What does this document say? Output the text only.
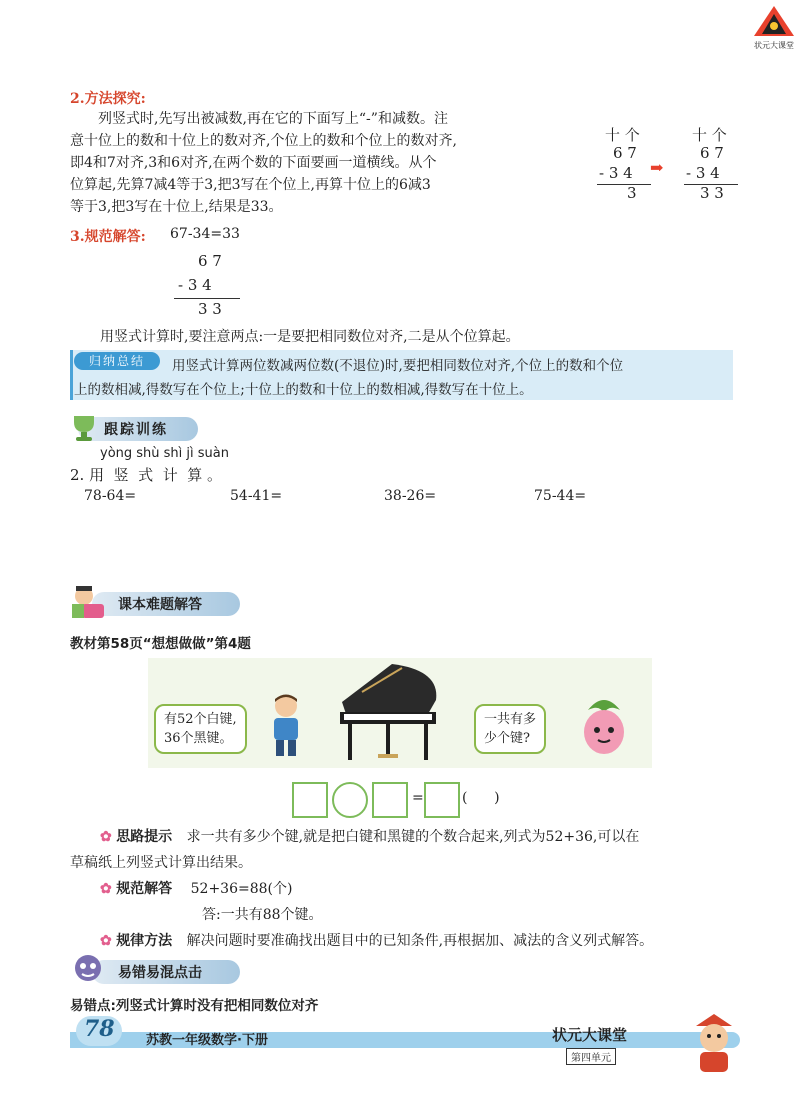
状元大课堂
2.方法探究:
列竖式时,先写出被减数,再在它的下面写上“-”和减数。注
意十位上的数和十位上的数对齐,个位上的数和个位上的数对齐,
即4和7对齐,3和6对齐,在两个数的下面要画一道横线。从个
位算起,先算7减4等于3,把3写在个位上,再算十位上的6减3
等于3,把3写在十位上,结果是33。
十 个
6 7
- 3 4
3
➡
十 个
6 7
- 3 4
3 3
3.规范解答: 67-34=33
6 7
- 3 4
3 3
用竖式计算时,要注意两点:一是要把相同数位对齐,二是从个位算起。
归纳总结	用竖式计算两位数减两位数(不退位)时,要把相同数位对齐,个位上的数和个位
上的数相减,得数写在个位上;十位上的数和十位上的数相减,得数写在十位上。
跟踪训练
yòng shù shì jì suàn
2. 用  竖  式  计  算 。
78-64=	54-41=	38-26=	75-44=
课本难题解答
教材第58页“想想做做”第4题
有52个白键,
36个黑键。
一共有多
少个键?
=	(      )
✿ 思路提示 求一共有多少个键,就是把白键和黑键的个数合起来,列式为52+36,可以在
草稿纸上列竖式计算出结果。
✿ 规范解答 52+36=88(个)
答:一共有88个键。
✿ 规律方法 解决问题时要准确找出题目中的已知条件,再根据加、减法的含义列式解答。
易错易混点击
易错点:列竖式计算时没有把相同数位对齐
78 苏教一年级数学·下册	状元大课堂
第四单元
